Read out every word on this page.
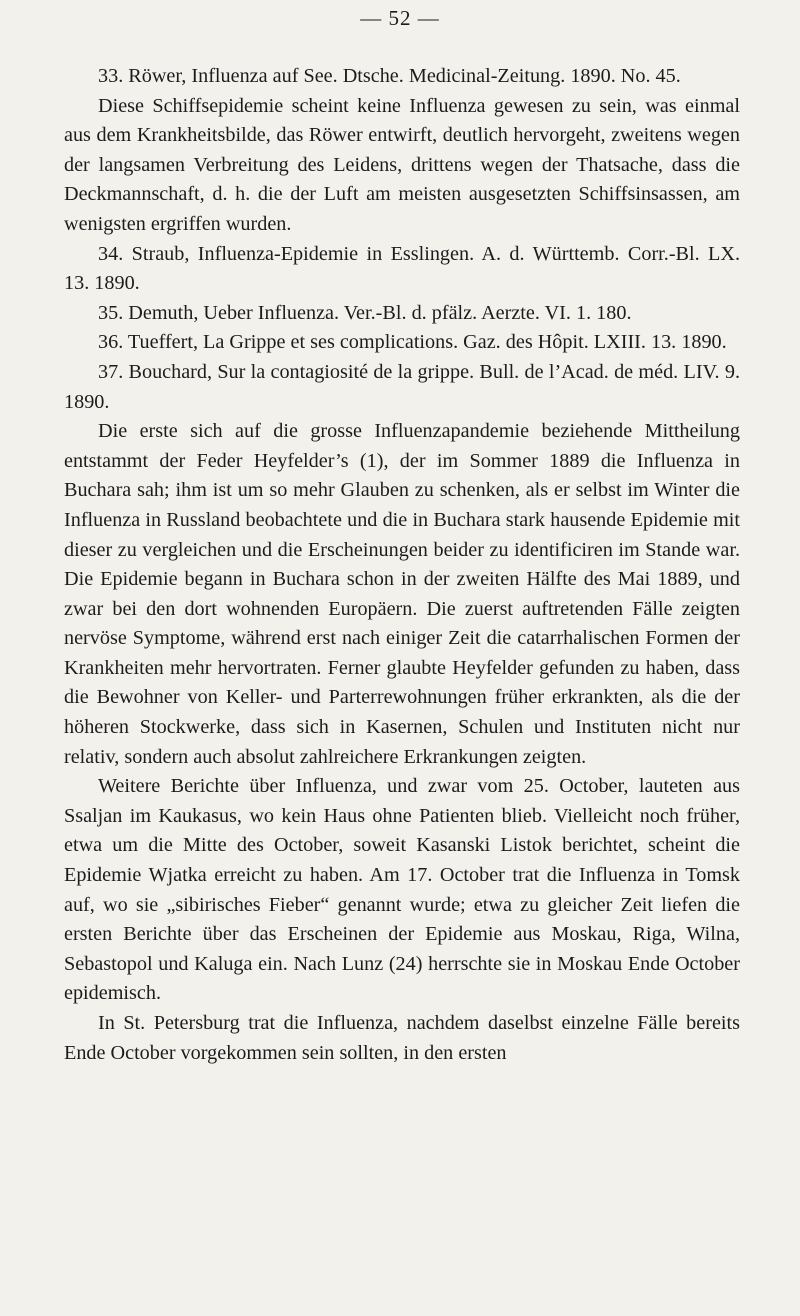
— 52 —

33. Röwer, Influenza auf See. Dtsche. Medicinal-Zeitung. 1890. No. 45.

Diese Schiffsepidemie scheint keine Influenza gewesen zu sein, was einmal aus dem Krankheitsbilde, das Röwer entwirft, deutlich hervorgeht, zweitens wegen der langsamen Verbreitung des Leidens, drittens wegen der Thatsache, dass die Deckmannschaft, d. h. die der Luft am meisten ausgesetzten Schiffsinsassen, am wenigsten ergriffen wurden.

34. Straub, Influenza-Epidemie in Esslingen. A. d. Württemb. Corr.-Bl. LX. 13. 1890.

35. Demuth, Ueber Influenza. Ver.-Bl. d. pfälz. Aerzte. VI. 1. 180.

36. Tueffert, La Grippe et ses complications. Gaz. des Hôpit. LXIII. 13. 1890.

37. Bouchard, Sur la contagiosité de la grippe. Bull. de l’Acad. de méd. LIV. 9. 1890.

Die erste sich auf die grosse Influenzapandemie beziehende Mittheilung entstammt der Feder Heyfelder’s (1), der im Sommer 1889 die Influenza in Buchara sah; ihm ist um so mehr Glauben zu schenken, als er selbst im Winter die Influenza in Russland beobachtete und die in Buchara stark hausende Epidemie mit dieser zu vergleichen und die Erscheinungen beider zu identificiren im Stande war. Die Epidemie begann in Buchara schon in der zweiten Hälfte des Mai 1889, und zwar bei den dort wohnenden Europäern. Die zuerst auftretenden Fälle zeigten nervöse Symptome, während erst nach einiger Zeit die catarrhalischen Formen der Krankheiten mehr hervortraten. Ferner glaubte Heyfelder gefunden zu haben, dass die Bewohner von Keller- und Parterrewohnungen früher erkrankten, als die der höheren Stockwerke, dass sich in Kasernen, Schulen und Instituten nicht nur relativ, sondern auch absolut zahlreichere Erkrankungen zeigten.

Weitere Berichte über Influenza, und zwar vom 25. October, lauteten aus Ssaljan im Kaukasus, wo kein Haus ohne Patienten blieb. Vielleicht noch früher, etwa um die Mitte des October, soweit Kasanski Listok berichtet, scheint die Epidemie Wjatka erreicht zu haben. Am 17. October trat die Influenza in Tomsk auf, wo sie „sibirisches Fieber“ genannt wurde; etwa zu gleicher Zeit liefen die ersten Berichte über das Erscheinen der Epidemie aus Moskau, Riga, Wilna, Sebastopol und Kaluga ein. Nach Lunz (24) herrschte sie in Moskau Ende October epidemisch.

In St. Petersburg trat die Influenza, nachdem daselbst einzelne Fälle bereits Ende October vorgekommen sein sollten, in den ersten
